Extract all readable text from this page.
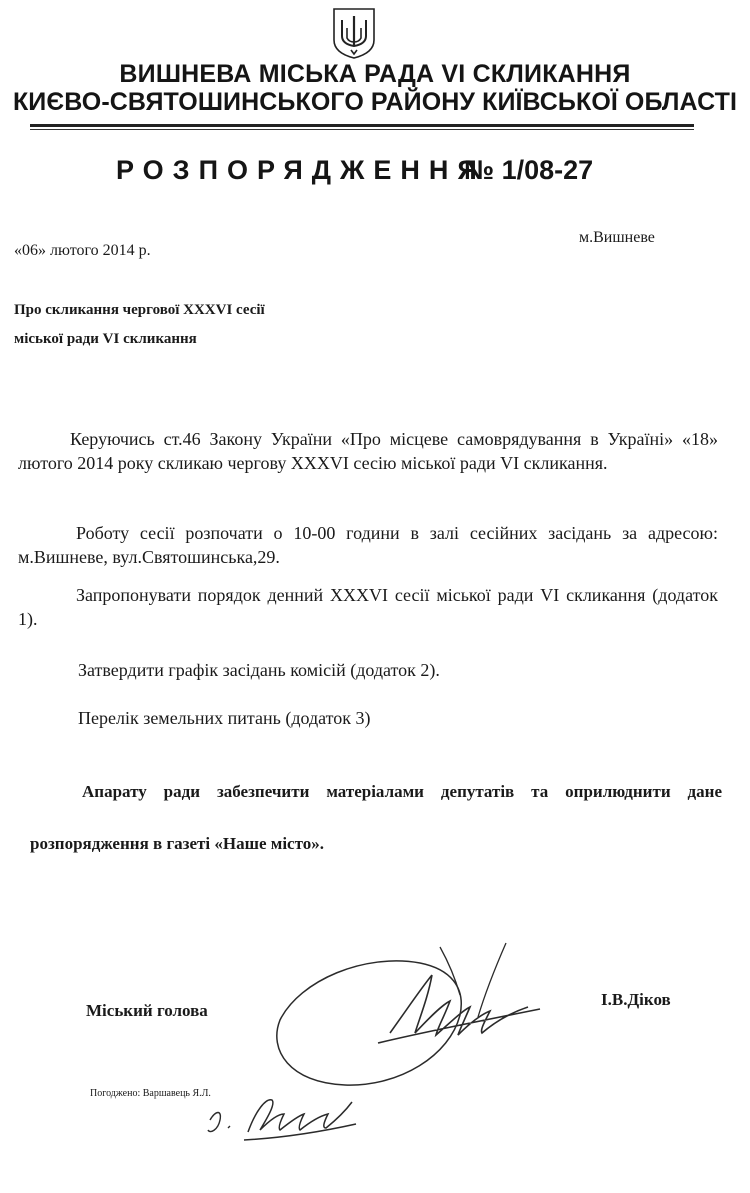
ВИШНЕВА МІСЬКА РАДА VI СКЛИКАННЯ
КИЄВО-СВЯТОШИНСЬКОГО РАЙОНУ КИЇВСЬКОЇ ОБЛАСТІ
РОЗПОРЯДЖЕННЯ
№ 1/08-27
«06» лютого 2014 р.
м.Вишневе
Про скликання чергової XXXVI сесії
міської ради VI скликання
Керуючись ст.46 Закону України «Про місцеве самоврядування в Україні» «18» лютого 2014 року скликаю чергову XXXVI сесію міської ради VI скликання.
Роботу сесії розпочати о 10-00 години в залі сесійних засідань за адресою: м.Вишневе, вул.Святошинська,29.
Запропонувати порядок денний XXXVI сесії міської ради VI скликання (додаток 1).
Затвердити графік засідань комісій (додаток 2).
Перелік земельних питань (додаток 3)
Апарату ради забезпечити матеріалами депутатів та оприлюднити дане розпорядження в газеті «Наше місто».
Міський голова
І.В.Діков
Погоджено: Варшавець Я.Л.
